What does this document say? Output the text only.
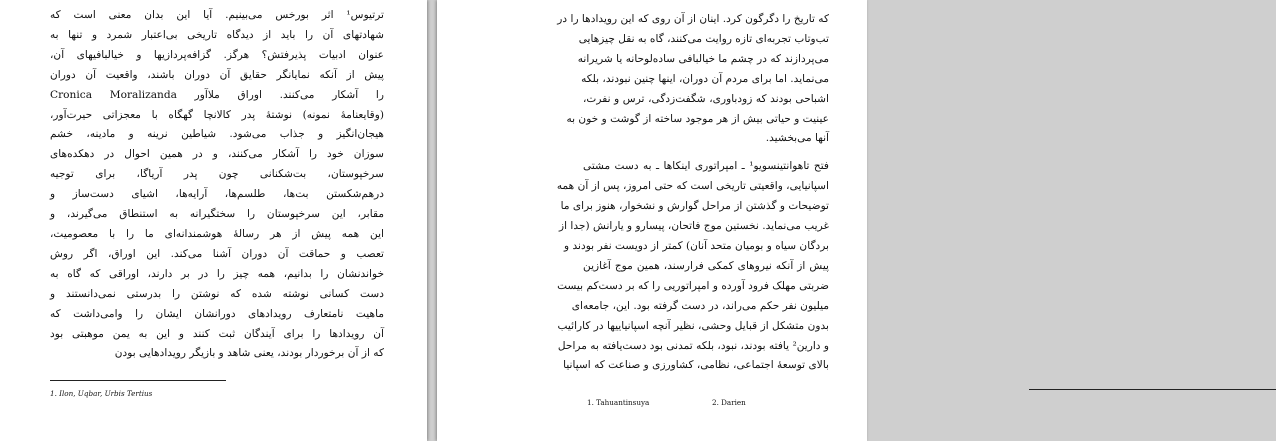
ترتیوس¹ اثر بورخس می‌بینیم. آیا این بدان معنی است که
شهادتهای آن را باید از دیدگاه تاریخی بی‌اعتبار شمرد و تنها به
عنوان ادبیات پذیرفتش؟ هرگز. گزافه‌پردازیها و خیالبافیهای آن،
پیش از آنکه نمایانگر حقایق آن دوران باشند، واقعیت آن دوران
را آشکار می‌کنند. اوراق ملاآور Cronica Moralizanda
(وقایعنامهٔ نمونه) نوشتهٔ پدر کالانچا گهگاه با معجزاتی حیرت‌آور،
هیجان‌انگیز و جذاب می‌شود. شیاطین نرینه و مادینه، خشم
سوزان خود را آشکار می‌کنند، و در همین احوال در دهکده‌های
سرخپوستان، بت‌شکنانی چون پدر آریاگا، برای توجیه
درهم‌شکستن بت‌ها، طلسم‌ها، آرایه‌ها، اشیای دست‌ساز و
مقابر، این سرخپوستان را سختگیرانه به استنطاق می‌گیرند، و
این همه پیش از هر رسالهٔ هوشمندانه‌ای ما را با معصومیت،
تعصب و حماقت آن دوران آشنا می‌کند. این اوراق، اگر روش
خواندنشان را بدانیم، همه چیز را در بر دارند، اوراقی که گاه به
دست کسانی نوشته شده که نوشتن را بدرستی نمی‌دانستند و
ماهیت نامتعارف رویدادهای دورانشان ایشان را وامی‌داشت که
آن رویدادها را برای آیندگان ثبت کنند و این به یمن موهبتی بود
که از آن برخوردار بودند، یعنی شاهد و بازیگر رویدادهایی بودن
1. Ilon, Uqbar, Urbis Tertius
که تاریخ را دگرگون کرد. اینان از آن روی که این رویدادها را در
تب‌وتاب تجربه‌ای تازه روایت می‌کنند، گاه به نقل چیزهایی
می‌پردازند که در چشم ما خیالبافی ساده‌لوحانه یا شریرانه
می‌نماید. اما برای مردم آن دوران، اینها چنین نبودند، بلکه
اشباحی بودند که زودباوری، شگفت‌زدگی، ترس و نفرت،
عینیت و حیاتی بیش از هر موجود ساخته از گوشت و خون به
آنها می‌بخشید.
فتح تاهوانتینسویو¹ ـ امپراتوری اینکاها ـ به دست مشتی
اسپانیایی، واقعیتی تاریخی است که حتی امروز، پس از آن همه
توضیحات و گذشتن از مراحل گوارش و نشخوار، هنوز برای ما
غریب می‌نماید. نخستین موج فاتحان، پیسارو و یارانش (جدا از
بردگان سیاه و بومیان متحد آنان) کمتر از دویست نفر بودند و
پیش از آنکه نیروهای کمکی فرارسند، همین موج آغازین
ضربتی مهلک فرود آورده و امپراتوریی را که بر دست‌کم بیست
میلیون نفر حکم می‌راند، در دست گرفته بود. این، جامعه‌ای
بدون متشکل از قبایل وحشی، نظیر آنچه اسپانیاییها در کارائیب
و دارین² یافته بودند، نبود، بلکه تمدنی بود دست‌یافته به مراحل
بالای توسعهٔ اجتماعی، نظامی، کشاورزی و صناعت که اسپانیا
1. Tahuantinsuya	2. Darien
